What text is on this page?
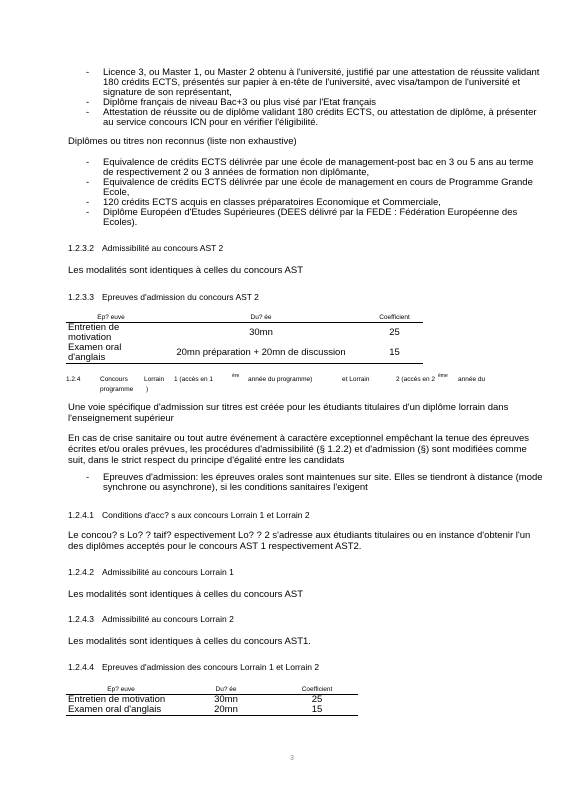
- Licence 3, ou Master 1, ou Master 2 obtenu à l'université, justifié par une attestation de réussite validant 180 crédits ECTS, présentés sur papier à en-tête de l'université, avec visa/tampon de l'université et signature de son représentant,
- Diplôme français de niveau Bac+3 ou plus visé par l'Etat français
- Attestation de réussite ou de diplôme validant 180 crédits ECTS, ou attestation de diplôme, à présenter au service concours ICN pour en vérifier l'éligibilité.

Diplômes ou titres non reconnus (liste non exhaustive)

- Equivalence de crédits ECTS délivrée par une école de management-post bac en 3 ou 5 ans au terme de respectivement 2 ou 3 années de formation non diplômante,
- Equivalence de crédits ECTS délivrée par une école de management en cours de Programme Grande Ecole,
- 120 crédits ECTS acquis en classes préparatoires Economique et Commerciale,
- Diplôme Européen d'Etudes Supérieures (DEES délivré par la FEDE : Fédération Européenne des Ecoles).
1.2.3.2 Admissibilité au concours AST 2

Les modalités sont identiques à celles du concours AST

1.2.3.3 Epreuves d'admission du concours AST 2
Ep? euve	Du? ée	Coefficient
Entretien de motivation	30mn	25
Examen oral d'anglais	20mn préparation + 20mn de discussion	15
1.2.4	Concours Lorrain 1 (accès en 1	ère année du programme)	et Lorrain	2 (accès en 2 ème année du
programme )

Une voie spécifique d'admission sur titres est créée pour les étudiants titulaires d'un diplôme lorrain dans l'enseignement supérieur

En cas de crise sanitaire ou tout autre événement à caractère exceptionnel empêchant la tenue des épreuves écrites et/ou orales prévues, les procédures d'admissibilité (§ 1.2.2) et d'admission (§) sont modifiées comme suit, dans le strict respect du principe d'égalité entre les candidats

- Epreuves d'admission: les épreuves orales sont maintenues sur site. Elles se tiendront à distance (mode synchrone ou asynchrone), si les conditions sanitaires l'exigent
1.2.4.1 Conditions d'acc? s aux concours Lorrain 1 et Lorrain 2

Le concou? s Lo? ? taif? espectivement Lo? ? 2 s'adresse aux étudiants titulaires ou en instance d'obtenir l'un des diplômes acceptés pour le concours AST 1 respectivement AST2.

1.2.4.2 Admissibilité au concours Lorrain 1

Les modalités sont identiques à celles du concours AST

1.2.4.3 Admissibilité au concours Lorrain 2

Les modalités sont identiques à celles du concours AST1.

1.2.4.4 Epreuves d'admission des concours Lorrain 1 et Lorrain 2
Ep? euve	Du? ée	Coefficient
Entretien de motivation	30mn	25
Examen oral d'anglais	20mn	15
3
